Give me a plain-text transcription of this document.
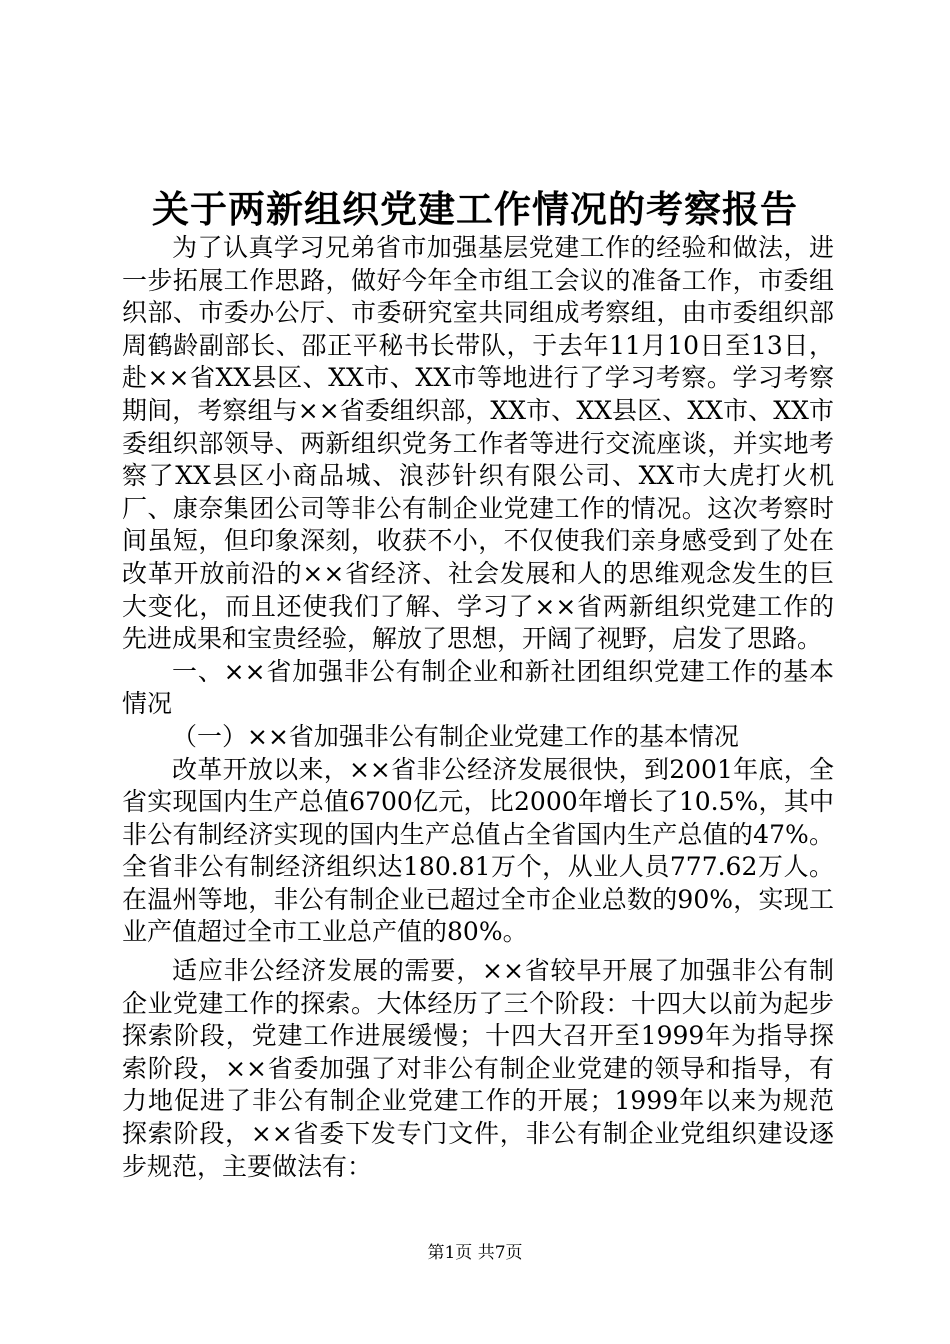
关于两新组织党建工作情况的考察报告

为了认真学习兄弟省市加强基层党建工作的经验和做法，进一步拓展工作思路，做好今年全市组工会议的准备工作，市委组织部、市委办公厅、市委研究室共同组成考察组，由市委组织部周鹤龄副部长、邵正平秘书长带队，于去年11月10日至13日，赴××省XX县区、XX市、XX市等地进行了学习考察。学习考察期间，考察组与××省委组织部，XX市、XX县区、XX市、XX市委组织部领导、两新组织党务工作者等进行交流座谈，并实地考察了XX县区小商品城、浪莎针织有限公司、XX市大虎打火机厂、康奈集团公司等非公有制企业党建工作的情况。这次考察时间虽短，但印象深刻，收获不小，不仅使我们亲身感受到了处在改革开放前沿的××省经济、社会发展和人的思维观念发生的巨大变化，而且还使我们了解、学习了××省两新组织党建工作的先进成果和宝贵经验，解放了思想，开阔了视野，启发了思路。

一、××省加强非公有制企业和新社团组织党建工作的基本情况

（一）××省加强非公有制企业党建工作的基本情况

改革开放以来，××省非公经济发展很快，到2001年底，全省实现国内生产总值6700亿元，比2000年增长了10.5%，其中非公有制经济实现的国内生产总值占全省国内生产总值的47%。全省非公有制经济组织达180.81万个，从业人员777.62万人。在温州等地，非公有制企业已超过全市企业总数的90%，实现工业产值超过全市工业总产值的80%。

适应非公经济发展的需要，××省较早开展了加强非公有制企业党建工作的探索。大体经历了三个阶段：十四大以前为起步探索阶段，党建工作进展缓慢；十四大召开至1999年为指导探索阶段，××省委加强了对非公有制企业党建的领导和指导，有力地促进了非公有制企业党建工作的开展；1999年以来为规范探索阶段，××省委下发专门文件，非公有制企业党组织建设逐步规范，主要做法有：

第1页 共7页
